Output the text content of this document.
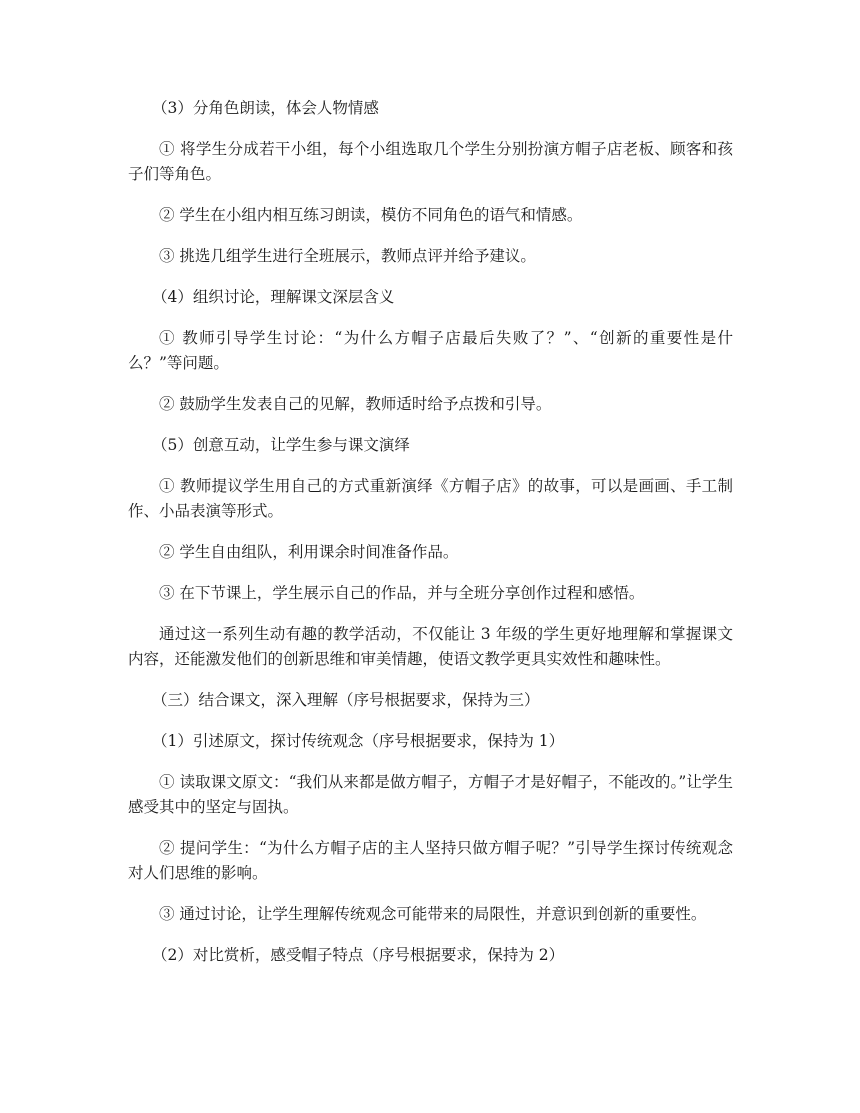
（3）分角色朗读，体会人物情感

① 将学生分成若干小组，每个小组选取几个学生分别扮演方帽子店老板、顾客和孩子们等角色。

② 学生在小组内相互练习朗读，模仿不同角色的语气和情感。

③ 挑选几组学生进行全班展示，教师点评并给予建议。

（4）组织讨论，理解课文深层含义

① 教师引导学生讨论：“为什么方帽子店最后失败了？”、“创新的重要性是什么？”等问题。

② 鼓励学生发表自己的见解，教师适时给予点拨和引导。

（5）创意互动，让学生参与课文演绎

① 教师提议学生用自己的方式重新演绎《方帽子店》的故事，可以是画画、手工制作、小品表演等形式。

② 学生自由组队，利用课余时间准备作品。

③ 在下节课上，学生展示自己的作品，并与全班分享创作过程和感悟。

通过这一系列生动有趣的教学活动，不仅能让 3 年级的学生更好地理解和掌握课文内容，还能激发他们的创新思维和审美情趣，使语文教学更具实效性和趣味性。

（三）结合课文，深入理解（序号根据要求，保持为三）

（1）引述原文，探讨传统观念（序号根据要求，保持为 1）

① 读取课文原文：“我们从来都是做方帽子，方帽子才是好帽子，不能改的。”让学生感受其中的坚定与固执。

② 提问学生：“为什么方帽子店的主人坚持只做方帽子呢？”引导学生探讨传统观念对人们思维的影响。

③ 通过讨论，让学生理解传统观念可能带来的局限性，并意识到创新的重要性。

（2）对比赏析，感受帽子特点（序号根据要求，保持为 2）
